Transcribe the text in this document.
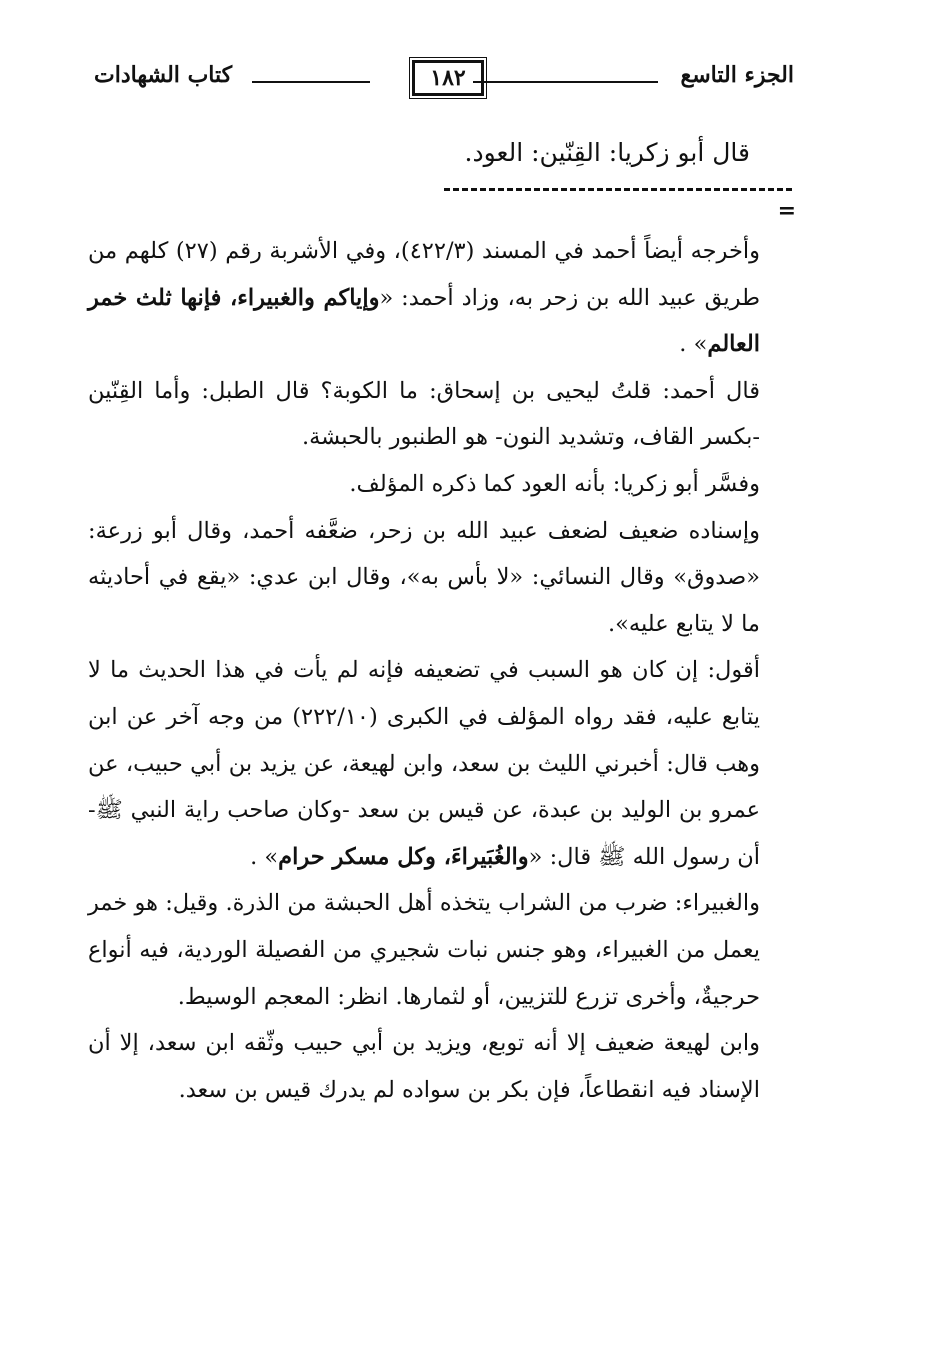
الجزء التاسع
١٨٢
كتاب الشهادات
قال أبو زكريا: القِنّين: العود.
=

وأخرجه أيضاً أحمد في المسند (٤٢٢/٣)، وفي الأشربة رقم (٢٧) كلهم من طريق عبيد الله بن زحر به، وزاد أحمد: «وإياكم والغبيراء، فإنها ثلث خمر العالم» .

قال أحمد: قلتُ ليحيى بن إسحاق: ما الكوبة؟ قال الطبل: وأما القِنّين -بكسر القاف، وتشديد النون- هو الطنبور بالحبشة.

وفسَّر أبو زكريا: بأنه العود كما ذكره المؤلف.

وإسناده ضعيف لضعف عبيد الله بن زحر، ضعَّفه أحمد، وقال أبو زرعة: «صدوق» وقال النسائي: «لا بأس به»، وقال ابن عدي: «يقع في أحاديثه ما لا يتابع عليه».

أقول: إن كان هو السبب في تضعيفه فإنه لم يأت في هذا الحديث ما لا يتابع عليه، فقد رواه المؤلف في الكبرى (٢٢٢/١٠) من وجه آخر عن ابن وهب قال: أخبرني الليث بن سعد، وابن لهيعة، عن يزيد بن أبي حبيب، عن عمرو بن الوليد بن عبدة، عن قيس بن سعد -وكان صاحب راية النبي ﷺ- أن رسول الله ﷺ قال: «والغُبَيراءَ، وكل مسكر حرام» .

والغبيراء: ضرب من الشراب يتخذه أهل الحبشة من الذرة. وقيل: هو خمر يعمل من الغبيراء، وهو جنس نبات شجيري من الفصيلة الوردية، فيه أنواع حرجيةٌ، وأخرى تزرع للتزيين، أو لثمارها. انظر: المعجم الوسيط.

وابن لهيعة ضعيف إلا أنه توبع، ويزيد بن أبي حبيب وثّقه ابن سعد، إلا أن الإسناد فيه انقطاعاً، فإن بكر بن سواده لم يدرك قيس بن سعد.
